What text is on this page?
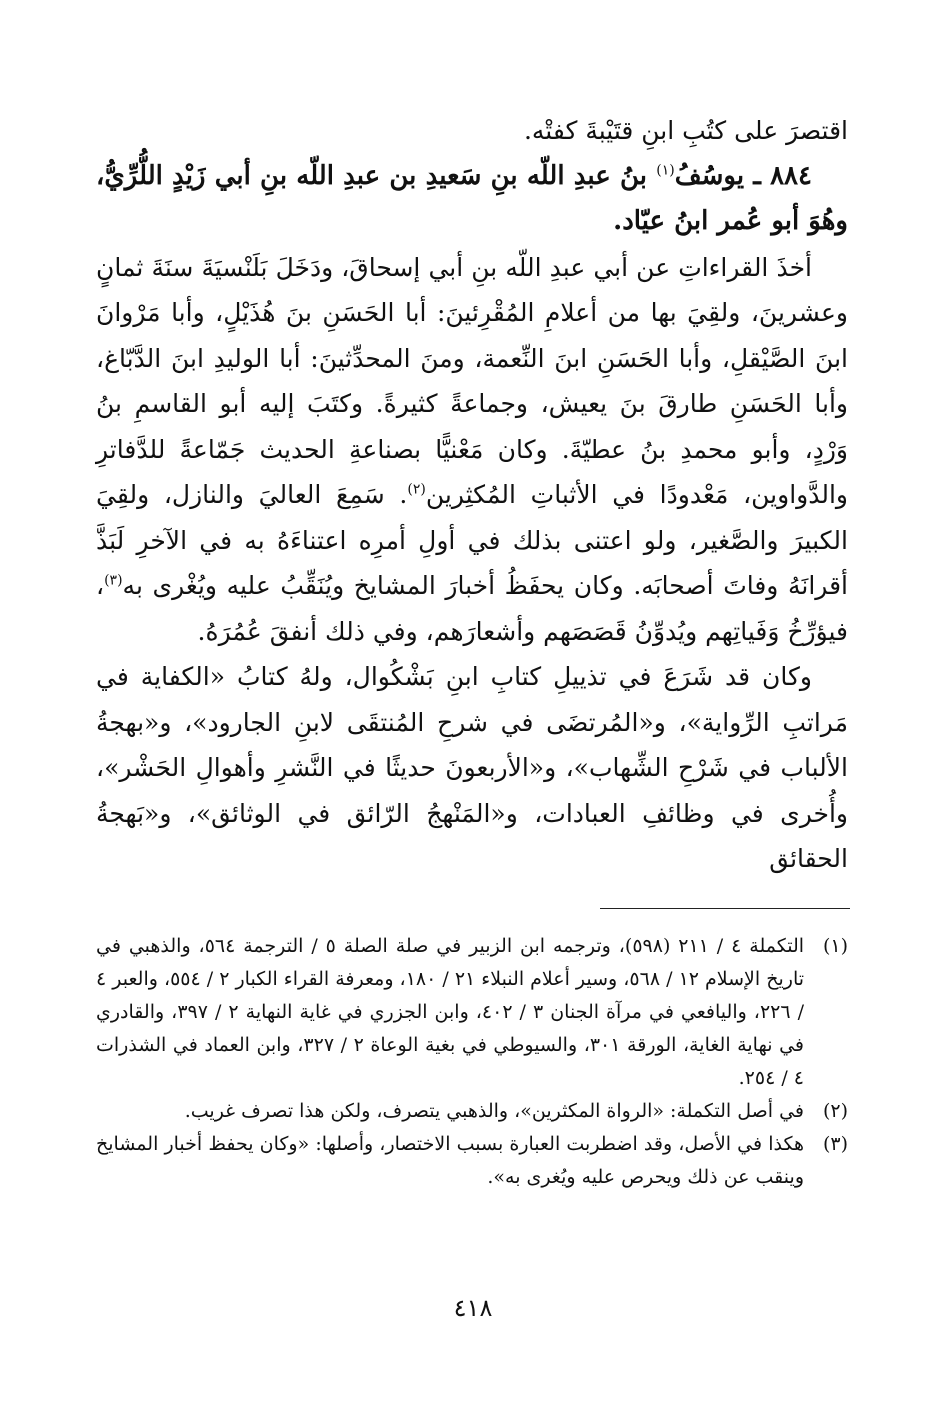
اقتصرَ على كتُبِ ابنِ قتَيْبةَ كفتْه.

٨٨٤ ـ يوسُفُ$^{(١)}$ بنُ عبدِ اللّه بنِ سَعيدِ بن عبدِ اللّه بنِ أبي زَيْدٍ اللُّرِّيُّ، وهُوَ أبو عُمر ابنُ عيّاد.

أخذَ القراءاتِ عن أبي عبدِ اللّه بنِ أبي إسحاقَ، ودَخَلَ بَلَنْسيَةَ سنَةَ ثمانٍ وعشرينَ، ولقِيَ بها من أعلامِ المُقْرِئينَ: أبا الحَسَنِ بنَ هُذَيْلٍ، وأبا مَرْوانَ ابنَ الصَّيْقلِ، وأبا الحَسَنِ ابنَ النِّعمة، ومنَ المحدِّثينَ: أبا الوليدِ ابنَ الدَّبّاغ، وأبا الحَسَنِ طارقَ بنَ يعيش، وجماعةً كثيرةً. وكتَبَ إليه أبو القاسمِ بنُ وَرْدٍ، وأبو محمدِ بنُ عطيّةَ. وكان مَعْنيًّا بصناعةِ الحديث جَمّاعةً للدَّفاترِ والدَّواوين، مَعْدودًا في الأثباتِ المُكثِرين$^{(٢)}$. سَمِعَ العاليَ والنازل، ولقِيَ الكبيرَ والصَّغير، ولو اعتنى بذلك في أولِ أمرِه اعتناءَهُ به في الآخرِ لَبَذَّ أقرانَهُ وفاتَ أصحابَه. وكان يحفَظُ أخبارَ المشايخ ويُنَقِّبُ عليه ويُغْرى به$^{(٣)}$، فيؤرِّخُ وَفَياتِهم ويُدوِّنُ قَصَصَهم وأشعارَهم، وفي ذلك أنفقَ عُمُرَهُ.

وكان قد شَرَعَ في تذييلِ كتابِ ابنِ بَشْكُوال، ولهُ كتابُ «الكفاية في مَراتبِ الرِّواية»، و«المُرتضَى في شرحِ المُنتقَى لابنِ الجارود»، و«بهجةُ الألباب في شَرْحِ الشِّهاب»، و«الأربعونَ حديثًا في النَّشرِ وأهوالِ الحَشْر»، وأُخرى في وظائفِ العبادات، و«المَنْهجُ الرّائق في الوثائق»، و«بَهجةُ الحقائق

(١)
التكملة ٤ / ٢١١ (٥٩٨)، وترجمه ابن الزبير في صلة الصلة ٥ / الترجمة ٥٦٤، والذهبي في تاريخ الإسلام ١٢ / ٥٦٨، وسير أعلام النبلاء ٢١ / ١٨٠، ومعرفة القراء الكبار ٢ / ٥٥٤، والعبر ٤ / ٢٢٦، واليافعي في مرآة الجنان ٣ / ٤٠٢، وابن الجزري في غاية النهاية ٢ / ٣٩٧، والقادري في نهاية الغاية، الورقة ٣٠١، والسيوطي في بغية الوعاة ٢ / ٣٢٧، وابن العماد في الشذرات ٤ / ٢٥٤.
(٢)
في أصل التكملة: «الرواة المكثرين»، والذهبي يتصرف، ولكن هذا تصرف غريب.
(٣)
هكذا في الأصل، وقد اضطربت العبارة بسبب الاختصار، وأصلها: «وكان يحفظ أخبار المشايخ وينقب عن ذلك ويحرص عليه ويُغرى به».
٤١٨
